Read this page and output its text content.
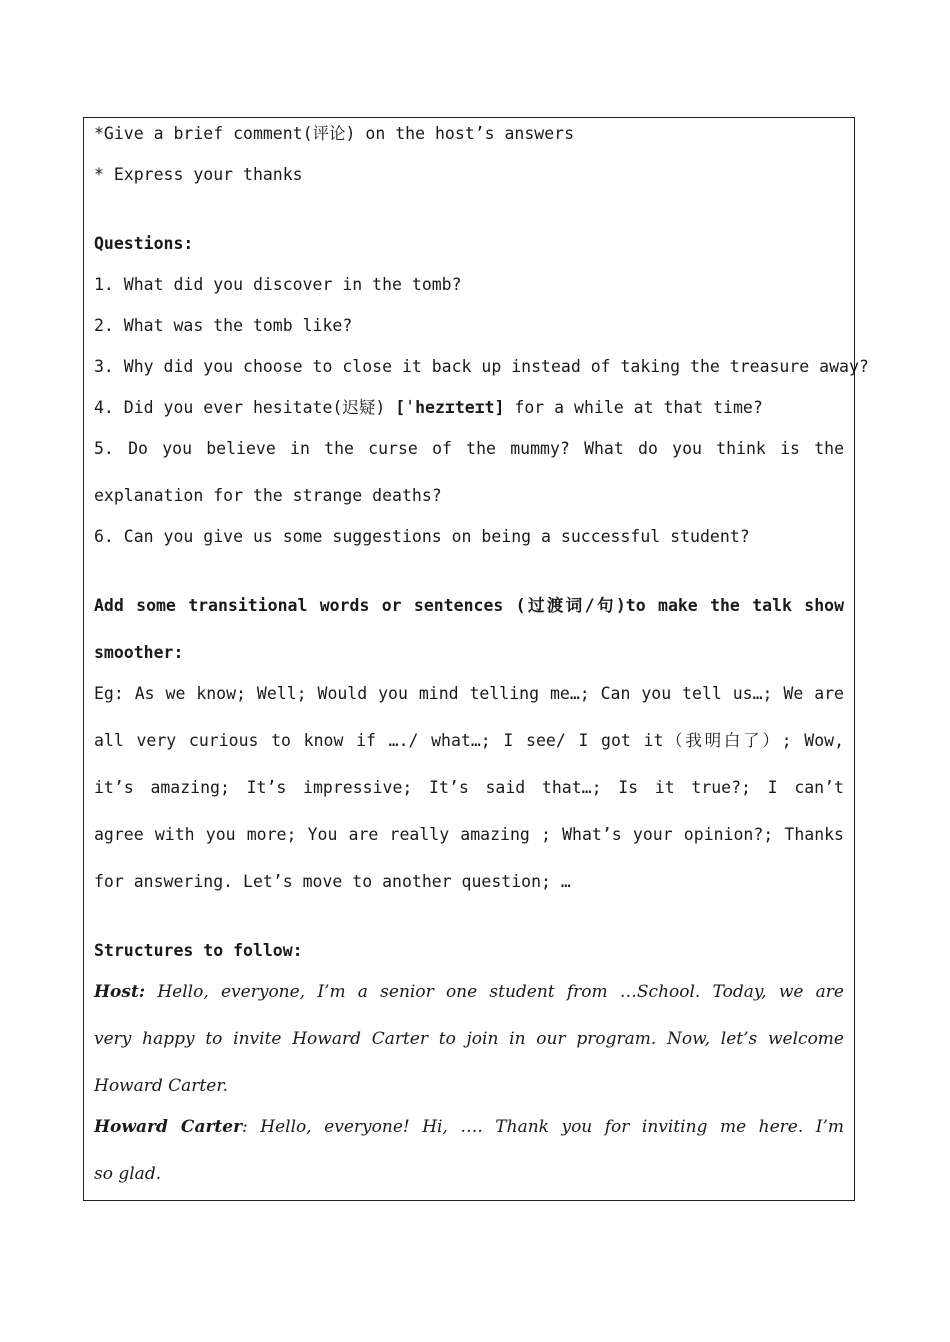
*Give a brief comment(评论) on the host’s answers
* Express your thanks
Questions:
1. What did you discover in the tomb?
2. What was the tomb like?
3. Why did you choose to close it back up instead of taking the treasure away?
4. Did you ever hesitate(迟疑) [ˈhezɪteɪt] for a while at that time?
5. Do you believe in the curse of the mummy? What do you think is the
explanation for the strange deaths?
6. Can you give us some suggestions on being a successful student?
Add some transitional words or sentences (过渡词/句)to make the talk show
smoother:
Eg: As we know; Well; Would you mind telling me…; Can you tell us…; We are
all very curious to know if …./ what…; I see/ I got it（我明白了）; Wow,
it’s amazing; It’s impressive; It’s said that…; Is it true?; I can’t
agree with you more; You are really amazing ; What’s your opinion?; Thanks
for answering. Let’s move to another question; …
Structures to follow:
Host: Hello, everyone, I’m a senior one student from …School. Today, we are
very happy to invite Howard Carter to join in our program. Now, let’s welcome
Howard Carter.
Howard Carter: Hello, everyone! Hi, …. Thank you for inviting me here. I’m
so glad.
